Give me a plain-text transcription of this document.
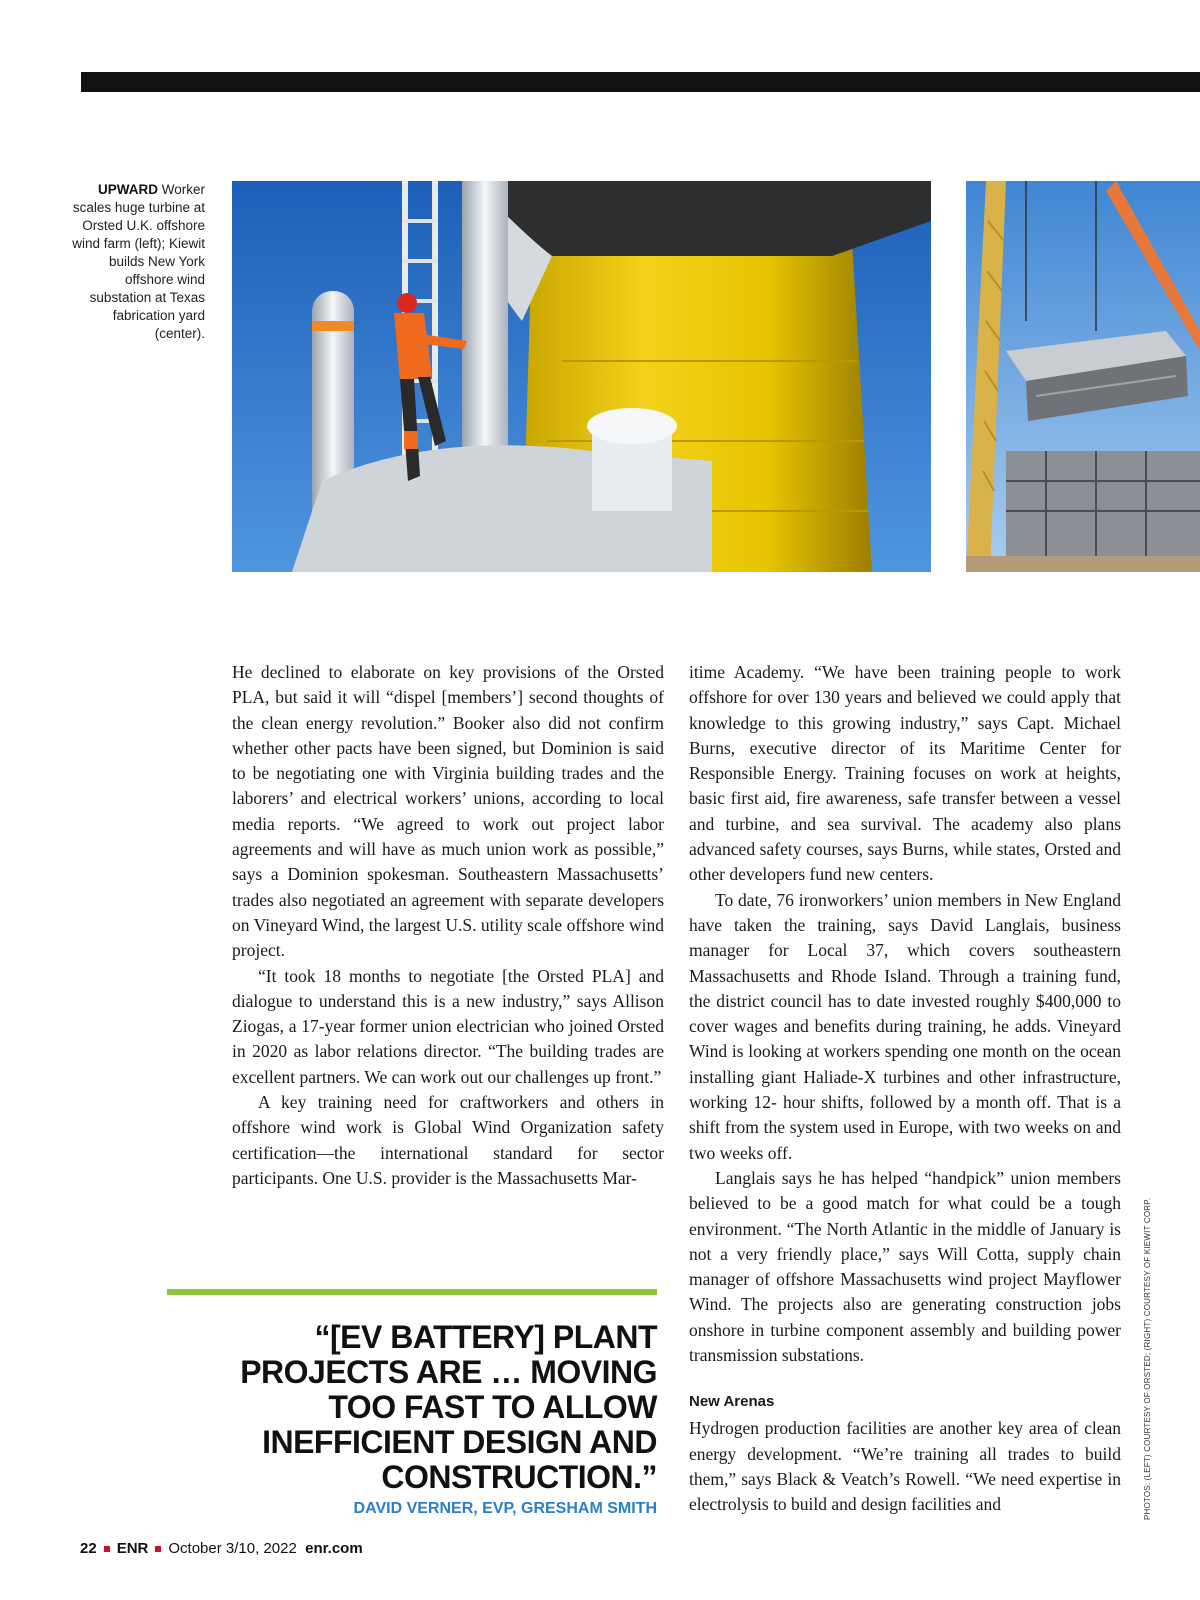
UPWARD Worker scales huge turbine at Orsted U.K. offshore wind farm (left); Kiewit builds New York offshore wind substation at Texas fabrication yard (center).

He declined to elaborate on key provisions of the Orsted PLA, but said it will “dispel [members’] second thoughts of the clean energy revolution.” Booker also did not confirm whether other pacts have been signed, but Dominion is said to be negotiating one with Virginia building trades and the laborers’ and electrical workers’ unions, according to local media reports. “We agreed to work out project labor agreements and will have as much union work as possible,” says a Dominion spokesman. Southeastern Massachusetts’ trades also negotiated an agreement with separate developers on Vineyard Wind, the largest U.S. utility scale offshore wind project.

“It took 18 months to negotiate [the Orsted PLA] and dialogue to understand this is a new industry,” says Allison Ziogas, a 17-year former union electrician who joined Orsted in 2020 as labor relations director. “The building trades are excellent partners. We can work out our challenges up front.”

A key training need for craftworkers and others in offshore wind work is Global Wind Organization safety certification—the international standard for sector participants. One U.S. provider is the Massachusetts Mar-

itime Academy. “We have been training people to work offshore for over 130 years and believed we could apply that knowledge to this growing industry,” says Capt. Michael Burns, executive director of its Maritime Center for Responsible Energy. Training focuses on work at heights, basic first aid, fire awareness, safe transfer between a vessel and turbine, and sea survival. The academy also plans advanced safety courses, says Burns, while states, Orsted and other developers fund new centers.

To date, 76 ironworkers’ union members in New England have taken the training, says David Langlais, business manager for Local 37, which covers southeastern Massachusetts and Rhode Island. Through a training fund, the district council has to date invested roughly $400,000 to cover wages and benefits during training, he adds. Vineyard Wind is looking at workers spending one month on the ocean installing giant Haliade-X turbines and other infrastructure, working 12- hour shifts, followed by a month off. That is a shift from the system used in Europe, with two weeks on and two weeks off.

Langlais says he has helped “handpick” union members believed to be a good match for what could be a tough environment. “The North Atlantic in the middle of January is not a very friendly place,” says Will Cotta, supply chain manager of offshore Massachusetts wind project Mayflower Wind. The projects also are generating construction jobs onshore in turbine component assembly and building power transmission substations.

New Arenas

Hydrogen production facilities are another key area of clean energy development. “We’re training all trades to build them,” says Black & Veatch’s Rowell. “We need expertise in electrolysis to build and design facilities and

“[EV BATTERY] PLANT PROJECTS ARE … MOVING TOO FAST TO ALLOW INEFFICIENT DESIGN AND CONSTRUCTION.”
DAVID VERNER, EVP, GRESHAM SMITH
22 ENR October 3/10, 2022 enr.com
PHOTOS: (LEFT) COURTESY OF ORSTED; (RIGHT) COURTESY OF KIEWIT CORP.
